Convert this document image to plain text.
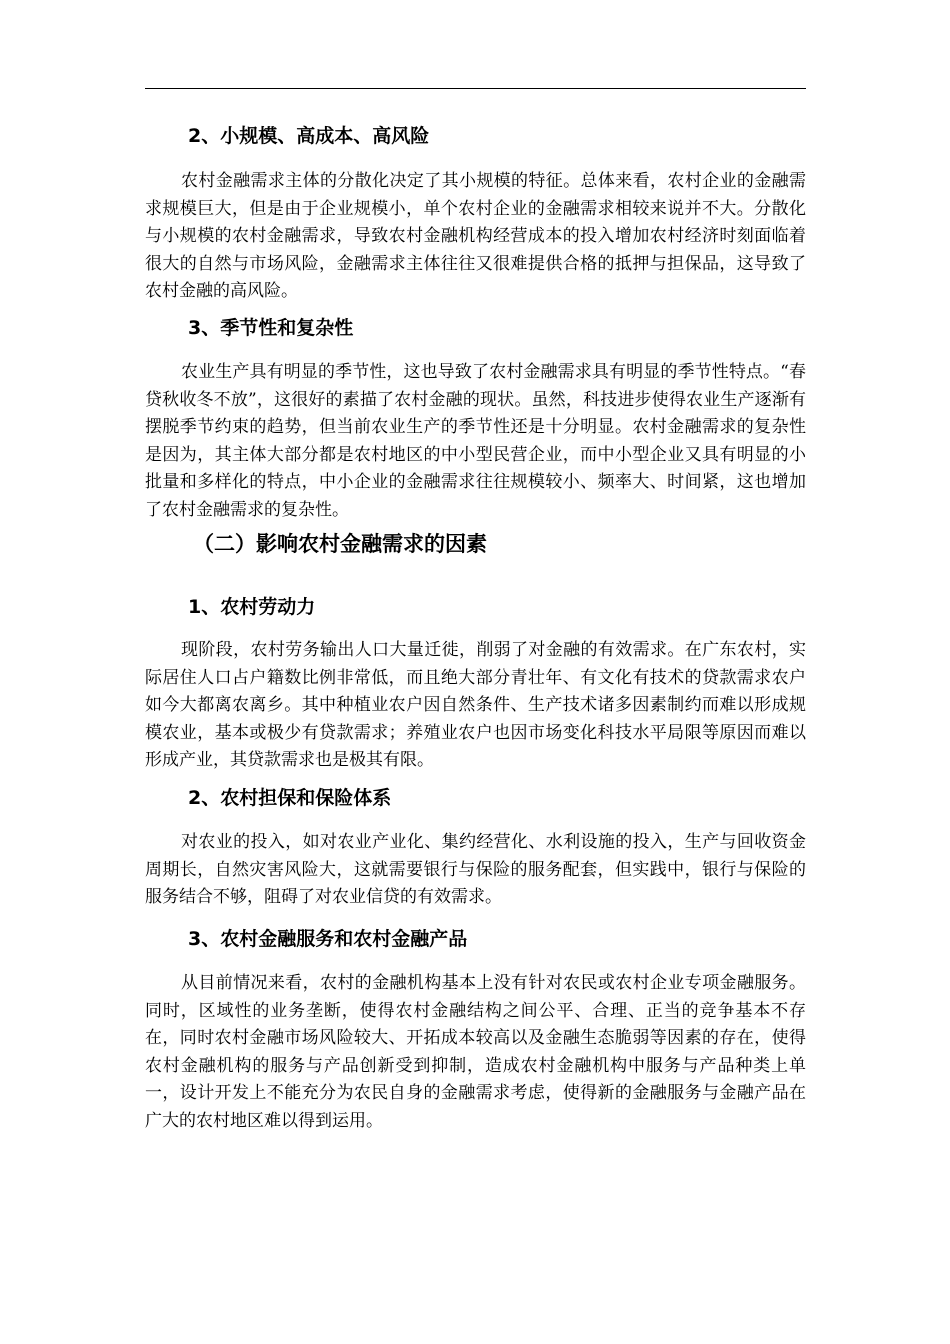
2、小规模、高成本、高风险
农村金融需求主体的分散化决定了其小规模的特征。总体来看，农村企业的金融需求规模巨大，但是由于企业规模小，单个农村企业的金融需求相较来说并不大。分散化与小规模的农村金融需求，导致农村金融机构经营成本的投入增加农村经济时刻面临着很大的自然与市场风险，金融需求主体往往又很难提供合格的抵押与担保品，这导致了农村金融的高风险。
3、季节性和复杂性
农业生产具有明显的季节性，这也导致了农村金融需求具有明显的季节性特点。“春贷秋收冬不放”，这很好的素描了农村金融的现状。虽然，科技进步使得农业生产逐渐有摆脱季节约束的趋势，但当前农业生产的季节性还是十分明显。农村金融需求的复杂性是因为，其主体大部分都是农村地区的中小型民营企业，而中小型企业又具有明显的小批量和多样化的特点，中小企业的金融需求往往规模较小、频率大、时间紧，这也增加了农村金融需求的复杂性。
（二）影响农村金融需求的因素
1、农村劳动力
现阶段，农村劳务输出人口大量迁徙，削弱了对金融的有效需求。在广东农村，实际居住人口占户籍数比例非常低，而且绝大部分青壮年、有文化有技术的贷款需求农户如今大都离农离乡。其中种植业农户因自然条件、生产技术诸多因素制约而难以形成规模农业，基本或极少有贷款需求；养殖业农户也因市场变化科技水平局限等原因而难以形成产业，其贷款需求也是极其有限。
2、农村担保和保险体系
对农业的投入，如对农业产业化、集约经营化、水利设施的投入，生产与回收资金周期长，自然灾害风险大，这就需要银行与保险的服务配套，但实践中，银行与保险的服务结合不够，阻碍了对农业信贷的有效需求。
3、农村金融服务和农村金融产品
从目前情况来看，农村的金融机构基本上没有针对农民或农村企业专项金融服务。同时，区域性的业务垄断，使得农村金融结构之间公平、合理、正当的竞争基本不存在，同时农村金融市场风险较大、开拓成本较高以及金融生态脆弱等因素的存在，使得农村金融机构的服务与产品创新受到抑制，造成农村金融机构中服务与产品种类上单一，设计开发上不能充分为农民自身的金融需求考虑，使得新的金融服务与金融产品在广大的农村地区难以得到运用。
